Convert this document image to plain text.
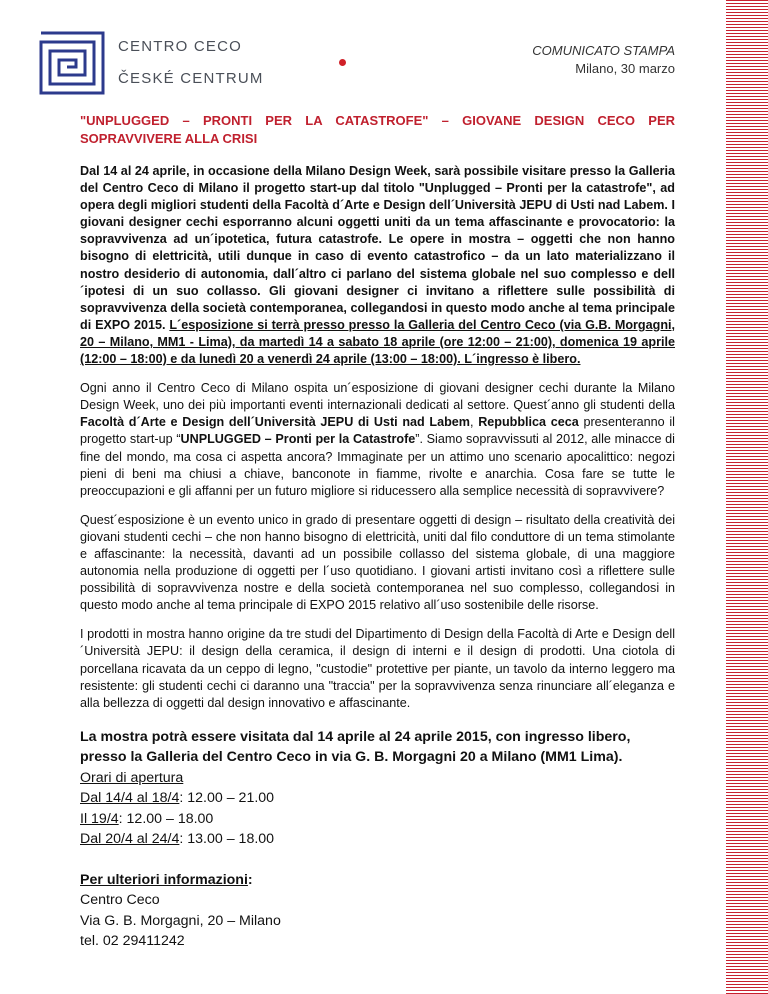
CENTRO CECO
ČESKÉ CENTRUM
COMUNICATO STAMPA
Milano, 30 marzo
"UNPLUGGED – PRONTI PER LA CATASTROFE" – GIOVANE DESIGN CECO PER SOPRAVVIVERE ALLA CRISI

Dal 14 al 24 aprile, in occasione della Milano Design Week, sarà possibile visitare presso la Galleria del Centro Ceco di Milano il progetto start-up dal titolo "Unplugged – Pronti per la catastrofe", ad opera degli migliori studenti della Facoltà d´Arte e Design dell´Università JEPU di Usti nad Labem. I giovani designer cechi esporranno alcuni oggetti uniti da un tema affascinante e provocatorio: la sopravvivenza ad un´ipotetica, futura catastrofe. Le opere in mostra – oggetti che non hanno bisogno di elettricità, utili dunque in caso di evento catastrofico – da un lato materializzano il nostro desiderio di autonomia, dall´altro ci parlano del sistema globale nel suo complesso e dell´ipotesi di un suo collasso. Gli giovani designer ci invitano a riflettere sulle possibilità di sopravvivenza della società contemporanea, collegandosi in questo modo anche al tema principale di EXPO 2015. L´esposizione si terrà presso presso la Galleria del Centro Ceco (via G.B. Morgagni, 20 – Milano, MM1 - Lima), da martedì 14 a sabato 18 aprile (ore 12:00 – 21:00), domenica 19 aprile (12:00 – 18:00) e da lunedì 20 a venerdì 24 aprile (13:00 – 18:00). L´ingresso è libero.

Ogni anno il Centro Ceco di Milano ospita un´esposizione di giovani designer cechi durante la Milano Design Week, uno dei più importanti eventi internazionali dedicati al settore. Quest´anno gli studenti della Facoltà d´Arte e Design dell´Università JEPU di Usti nad Labem, Repubblica ceca presenteranno il progetto start-up “UNPLUGGED – Pronti per la Catastrofe”. Siamo sopravvissuti al 2012, alle minacce di fine del mondo, ma cosa ci aspetta ancora? Immaginate per un attimo uno scenario apocalittico: negozi pieni di beni ma chiusi a chiave, banconote in fiamme, rivolte e anarchia. Cosa fare se tutte le preoccupazioni e gli affanni per un futuro migliore si riducessero alla semplice necessità di sopravvivere?

Quest´esposizione è un evento unico in grado di presentare oggetti di design – risultato della creatività dei giovani studenti cechi – che non hanno bisogno di elettricità, uniti dal filo conduttore di un tema stimolante e affascinante: la necessità, davanti ad un possibile collasso del sistema globale, di una maggiore autonomia nella produzione di oggetti per l´uso quotidiano. I giovani artisti invitano così a riflettere sulle possibilità di sopravvivenza nostre e della società contemporanea nel suo complesso, collegandosi in questo modo anche al tema principale di EXPO 2015 relativo all´uso sostenibile delle risorse.

I prodotti in mostra hanno origine da tre studi del Dipartimento di Design della Facoltà di Arte e Design dell´Università JEPU: il design della ceramica, il design di interni e il design di prodotti. Una ciotola di porcellana ricavata da un ceppo di legno, "custodie" protettive per piante, un tavolo da interno leggero ma resistente: gli studenti cechi ci daranno una "traccia" per la sopravvivenza senza rinunciare all´eleganza e alla bellezza di oggetti dal design innovativo e affascinante.

La mostra potrà essere visitata dal 14 aprile al 24 aprile 2015, con ingresso libero, presso la Galleria del Centro Ceco in via G. B. Morgagni 20 a Milano (MM1 Lima).

Orari di apertura
Dal 14/4 al 18/4: 12.00 – 21.00
Il 19/4: 12.00 – 18.00
Dal 20/4 al 24/4: 13.00 – 18.00
Per ulteriori informazioni:
Centro Ceco
Via G. B. Morgagni, 20 – Milano
tel. 02 29411242
